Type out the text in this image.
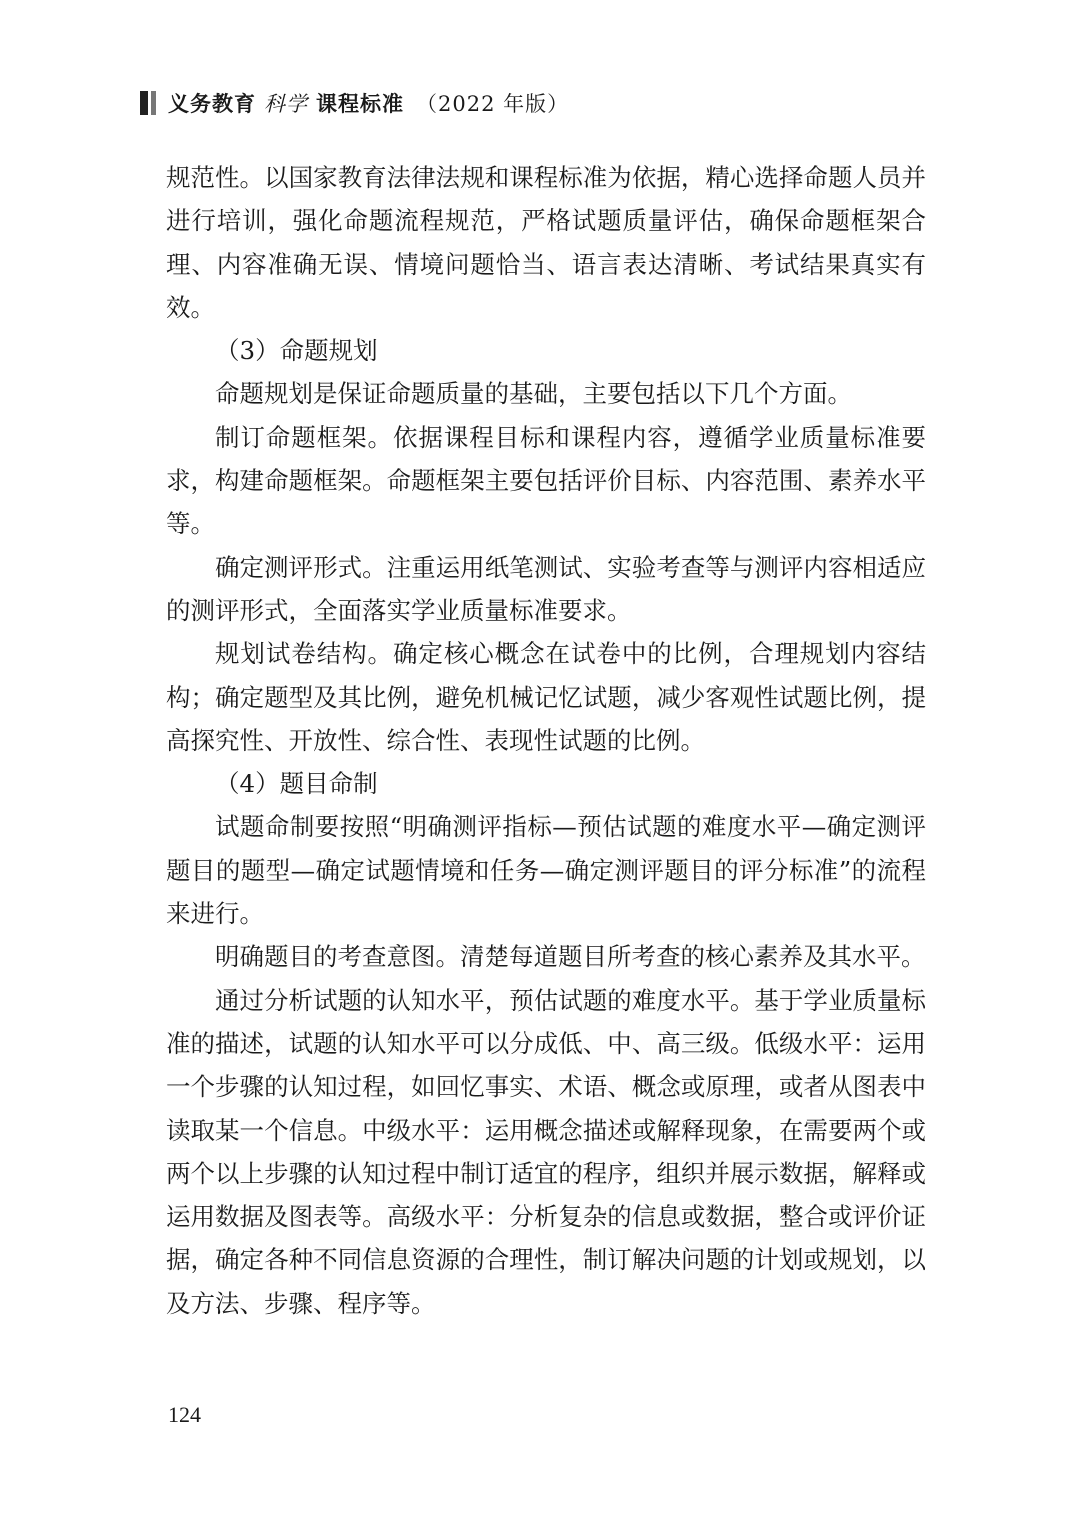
义务教育 科学 课程标准 （2022 年版）

规范性。以国家教育法律法规和课程标准为依据，精心选择命题人员并进行培训，强化命题流程规范，严格试题质量评估，确保命题框架合理、内容准确无误、情境问题恰当、语言表达清晰、考试结果真实有效。

（3）命题规划

命题规划是保证命题质量的基础，主要包括以下几个方面。

制订命题框架。依据课程目标和课程内容，遵循学业质量标准要求，构建命题框架。命题框架主要包括评价目标、内容范围、素养水平等。

确定测评形式。注重运用纸笔测试、实验考查等与测评内容相适应的测评形式，全面落实学业质量标准要求。

规划试卷结构。确定核心概念在试卷中的比例，合理规划内容结构；确定题型及其比例，避免机械记忆试题，减少客观性试题比例，提高探究性、开放性、综合性、表现性试题的比例。

（4）题目命制

试题命制要按照“明确测评指标—预估试题的难度水平—确定测评题目的题型—确定试题情境和任务—确定测评题目的评分标准”的流程来进行。

明确题目的考查意图。清楚每道题目所考查的核心素养及其水平。

通过分析试题的认知水平，预估试题的难度水平。基于学业质量标准的描述，试题的认知水平可以分成低、中、高三级。低级水平：运用一个步骤的认知过程，如回忆事实、术语、概念或原理，或者从图表中读取某一个信息。中级水平：运用概念描述或解释现象，在需要两个或两个以上步骤的认知过程中制订适宜的程序，组织并展示数据，解释或运用数据及图表等。高级水平：分析复杂的信息或数据，整合或评价证据，确定各种不同信息资源的合理性，制订解决问题的计划或规划，以及方法、步骤、程序等。

124
